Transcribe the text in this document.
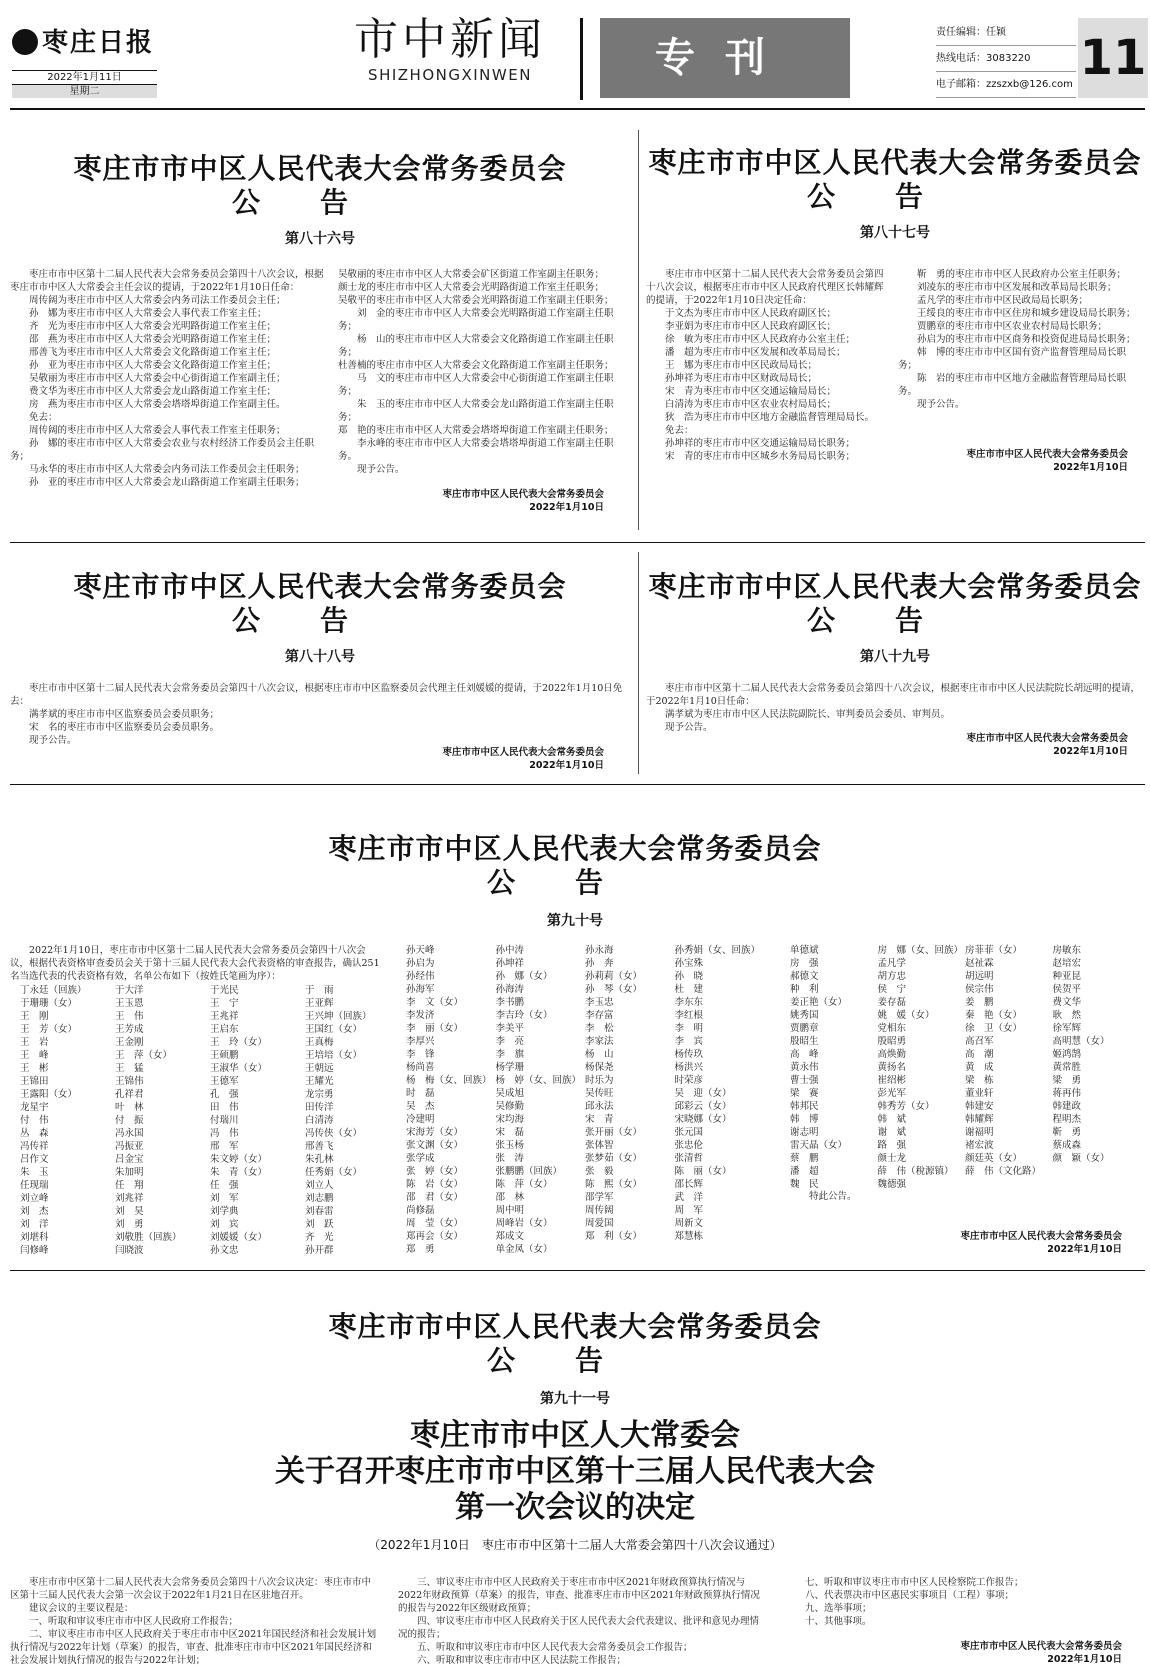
枣庄日报
2022年1月11日
星期二
市中新闻
SHIZHONGXINWEN	专刊
责任编辑：任颖
热线电话：3083220
电子邮箱：zzszxb@126.com 11
枣庄市市中区人民代表大会常务委员会
公告
第八十六号

　　枣庄市市中区第十二届人民代表大会常务委员会第四十八次会议，根据枣庄市市中区人大常委会主任会议的提请，于2022年1月10日任命：

　　周传阔为枣庄市市中区人大常委会内务司法工作委员会主任；

　　孙　娜为枣庄市市中区人大常委会人事代表工作室主任；

　　齐　光为枣庄市市中区人大常委会光明路街道工作室主任；

　　邵　燕为枣庄市市中区人大常委会光明路街道工作室主任；

　　邢善飞为枣庄市市中区人大常委会文化路街道工作室主任；

　　孙　亚为枣庄市市中区人大常委会文化路街道工作室主任；

　　吴敬丽为枣庄市市中区人大常委会中心街街道工作室副主任；

　　费文华为枣庄市市中区人大常委会龙山路街道工作室主任；

　　房　燕为枣庄市市中区人大常委会塔塔埠街道工作室副主任。

　　免去：

　　周传阔的枣庄市市中区人大常委会人事代表工作室主任职务；

　　孙　娜的枣庄市市中区人大常委会农业与农村经济工作委员会主任职务；

　　马永华的枣庄市市中区人大常委会内务司法工作委员会主任职务；

　　孙　亚的枣庄市市中区人大常委会龙山路街道工作室副主任职务；

吴敬丽的枣庄市市中区人大常委会矿区街道工作室副主任职务；

颜士龙的枣庄市市中区人大常委会光明路街道工作室主任职务；

吴敬平的枣庄市市中区人大常委会光明路街道工作室副主任职务；

　　刘　金的枣庄市市中区人大常委会光明路街道工作室副主任职务；

　　杨　山的枣庄市市中区人大常委会文化路街道工作室副主任职务；

杜善楠的枣庄市市中区人大常委会文化路街道工作室副主任职务；

　　马　文的枣庄市市中区人大常委会中心街街道工作室副主任职务；

　　朱　玉的枣庄市市中区人大常委会龙山路街道工作室副主任职务；

郑　艳的枣庄市市中区人大常委会塔塔埠街道工作室副主任职务；

　　李永峰的枣庄市市中区人大常委会塔塔埠街道工作室副主任职务。

　　现予公告。

枣庄市市中区人民代表大会常务委员会
2022年1月10日
枣庄市市中区人民代表大会常务委员会
公告
第八十七号

　　枣庄市市中区第十二届人民代表大会常务委员会第四十八次会议，根据枣庄市市中区人民政府代理区长韩耀辉的提请，于2022年1月10日决定任命：

　　于文杰为枣庄市市中区人民政府副区长；

　　李亚娟为枣庄市市中区人民政府副区长；

　　徐　敏为枣庄市市中区人民政府办公室主任；

　　潘　超为枣庄市市中区发展和改革局局长；

　　王　娜为枣庄市市中区民政局局长；

　　孙坤祥为枣庄市市中区财政局局长；

　　宋　青为枣庄市市中区交通运输局局长；

　　白清涛为枣庄市市中区农业农村局局长；

　　狄　浩为枣庄市市中区地方金融监督管理局局长。

　　免去：

　　孙坤祥的枣庄市市中区交通运输局局长职务；

　　宋　青的枣庄市市中区城乡水务局局长职务；

　　靳　勇的枣庄市市中区人民政府办公室主任职务；

　　刘凌东的枣庄市市中区发展和改革局局长职务；

　　孟凡学的枣庄市市中区民政局局长职务；

　　王绥良的枣庄市市中区住房和城乡建设局局长职务；

　　贾鹏章的枣庄市市中区农业农村局局长职务；

　　孙启为的枣庄市市中区商务和投资促进局局长职务；

　　韩　博的枣庄市市中区国有资产监督管理局局长职务；

　　陈　岩的枣庄市市中区地方金融监督管理局局长职务。

　　现予公告。

枣庄市市中区人民代表大会常务委员会
2022年1月10日
枣庄市市中区人民代表大会常务委员会
公告
第八十八号

　　枣庄市市中区第十二届人民代表大会常务委员会第四十八次会议，根据枣庄市市中区监察委员会代理主任刘媛媛的提请，于2022年1月10日免去：

　　满孝斌的枣庄市市中区监察委员会委员职务；

　　宋　名的枣庄市市中区监察委员会委员职务。

　　现予公告。

枣庄市市中区人民代表大会常务委员会
2022年1月10日
枣庄市市中区人民代表大会常务委员会
公告
第八十九号

　　枣庄市市中区第十二届人民代表大会常务委员会第四十八次会议，根据枣庄市市中区人民法院院长胡远明的提请，于2022年1月10日任命：

　　满孝斌为枣庄市市中区人民法院副院长、审判委员会委员、审判员。

　　现予公告。

枣庄市市中区人民代表大会常务委员会
2022年1月10日
枣庄市市中区人民代表大会常务委员会
公告
第九十号
　　2022年1月10日，枣庄市市中区第十二届人民代表大会常务委员会第四十八次会议，根据代表资格审查委员会关于第十三届人民代表大会代表资格的审查报告，确认251名当选代表的代表资格有效，名单公布如下（按姓氏笔画为序）：
丁永廷（回族）	于大洋	于光民	于　雨
于珊珊（女）	王玉恩	王　宁	王亚辉
王　刚	王　伟	王兆祥	王兴坤（回族）
王　芳（女）	王芳成	王启东	王国红（女）
王　岩	王金刚	王　玲（女）	王真梅
王　峰	王　萍（女）	王硕鹏	王培培（女）
王　彬	王　猛	王淑华（女）	王朝远
王锦田	王锦伟	王德军	王耀光
王露阳（女）	孔祥君	孔　强	龙宗勇
龙星宇	叶　林	田　伟	田传洋
付　伟	付　振	付瑞川	白清涛
丛　森	冯永国	冯　伟	冯传侠（女）
冯传祥	冯振亚	邢　军	邢善飞
吕作文	吕金宝	朱文婷（女）	朱孔林
朱　玉	朱加明	朱　青（女）	任秀娟（女）
任现瑞	任　翔	任　强	刘立人
刘立峰	刘兆祥	刘　军	刘志鹏
刘　杰	刘　昊	刘学典	刘春雷
刘　洋	刘　勇	刘　宾	刘　跃
刘堪科	刘敬胜（回族）	刘媛媛（女）	齐　光
闫修峰	闫晓波	孙文忠	孙开群
孙天峰	孙中涛	孙永海	孙秀娟（女、回族）
孙启为	孙坤祥	孙　奔	孙宝殊
孙经伟	孙　娜（女）	孙莉莉（女）	孙　晓
孙海军	孙海涛	孙　琴（女）	杜　建
李　文（女）	李书鹏	李玉忠	李东东
李发济	李吉玲（女）	李存富	李红根
李　丽（女）	李美平	李　松	李　明
李厚兴	李　亮	李家法	李　宾
李　锋	李　旗	杨　山	杨传玖
杨尚喜	杨学珊	杨保尧	杨洪兴
杨　梅（女、回族） 杨　婷（女、回族） 时乐为	时荣彦
时　磊	吴成旭	吴传旺	吴　迎（女）
吴　杰	吴修勤	邱永法	邱彩云（女）
冷建明	宋均海	宋　青	宋晓娜（女）
宋海芳（女）	宋　磊	张开丽（女）	张元国
张文渊（女）	张玉杨	张体智	张忠伦
张学成	张　涛	张梦茹（女）	张清哲
张　婷（女）	张鹏鹏（回族）	张　毅	陈　丽（女）
陈　岩（女）	陈　萍（女）	陈　熙（女）	邵长辉
邵　君（女）	邵　林	邵学军	武　洋
尚修磊	周中明	周传阔	周　军
周　莹（女）	周峰岩（女）	周爱国	周新文
郑再会（女）	郑成文	郑　利（女）	郑慧栋
郑　勇	单金凤（女）
单德斌	房　娜（女、回族） 房菲菲（女）	房敏东
房　强	孟凡学	赵祉霖	赵培宏
郝德文	胡方忠	胡远明	种亚昆
种　利	侯　宁	侯宗伟	侯贺平
姜正艳（女）	姜存磊	姜　鹏	费文华
姚秀国	姚　媛（女）	秦　艳（女）	耿　然
贾鹏章	党相东	徐　卫（女）	徐军辉
殷昭生	殷昭勇	高召军	高明慧（女）
高　峰	高焕勤	高　潮	姬鸿鹄
黄永伟	黄扬名	黄　成	黄常胜
曹士强	崔绍彬	梁　栋	梁　勇
梁　赛	彭光军	董业轩	蒋再伟
韩邦民	韩秀芳（女）	韩建安	韩建政
韩　博	韩　斌	韩耀辉	程明杰
谢志明	谢　斌	谢福明	靳　勇
雷天晶（女）	路　强	褚宏波	蔡成森
蔡　鹏	颜士龙	颜廷英（女）	颜　颖（女）
潘　超	薛　伟（稅源镇）	薛　伟（文化路）
魏　民	魏德强
　　特此公告。
枣庄市市中区人民代表大会常务委员会
2022年1月10日
枣庄市市中区人民代表大会常务委员会
公告
第九十一号
枣庄市市中区人大常委会
关于召开枣庄市市中区第十三届人民代表大会
第一次会议的决定
（2022年1月10日　枣庄市市中区第十二届人大常委会第四十八次会议通过）

　　枣庄市市中区第十二届人民代表大会常务委员会第四十八次会议决定：枣庄市市中区第十三届人民代表大会第一次会议于2022年1月21日在区驻地召开。

　　建议会议的主要议程是：

　　一、听取和审议枣庄市市中区人民政府工作报告；

　　二、审议枣庄市市中区人民政府关于枣庄市市中区2021年国民经济和社会发展计划执行情况与2022年计划（草案）的报告，审查、批准枣庄市市中区2021年国民经济和社会发展计划执行情况的报告与2022年计划；

　　三、审议枣庄市市中区人民政府关于枣庄市市中区2021年财政预算执行情况与2022年财政预算（草案）的报告，审查、批准枣庄市市中区2021年财政预算执行情况的报告与2022年区级财政预算；

　　四、审议枣庄市市中区人民政府关于区人民代表大会代表建议、批评和意见办理情况的报告；

　　五、听取和审议枣庄市市中区人民代表大会常务委员会工作报告；

　　六、听取和审议枣庄市市中区人民法院工作报告；

　　七、听取和审议枣庄市市中区人民检察院工作报告；

　　八、代表票决市中区惠民实事项目（工程）事项；

　　九、选举事项；

　　十、其他事项。

枣庄市市中区人民代表大会常务委员会
2022年1月10日
